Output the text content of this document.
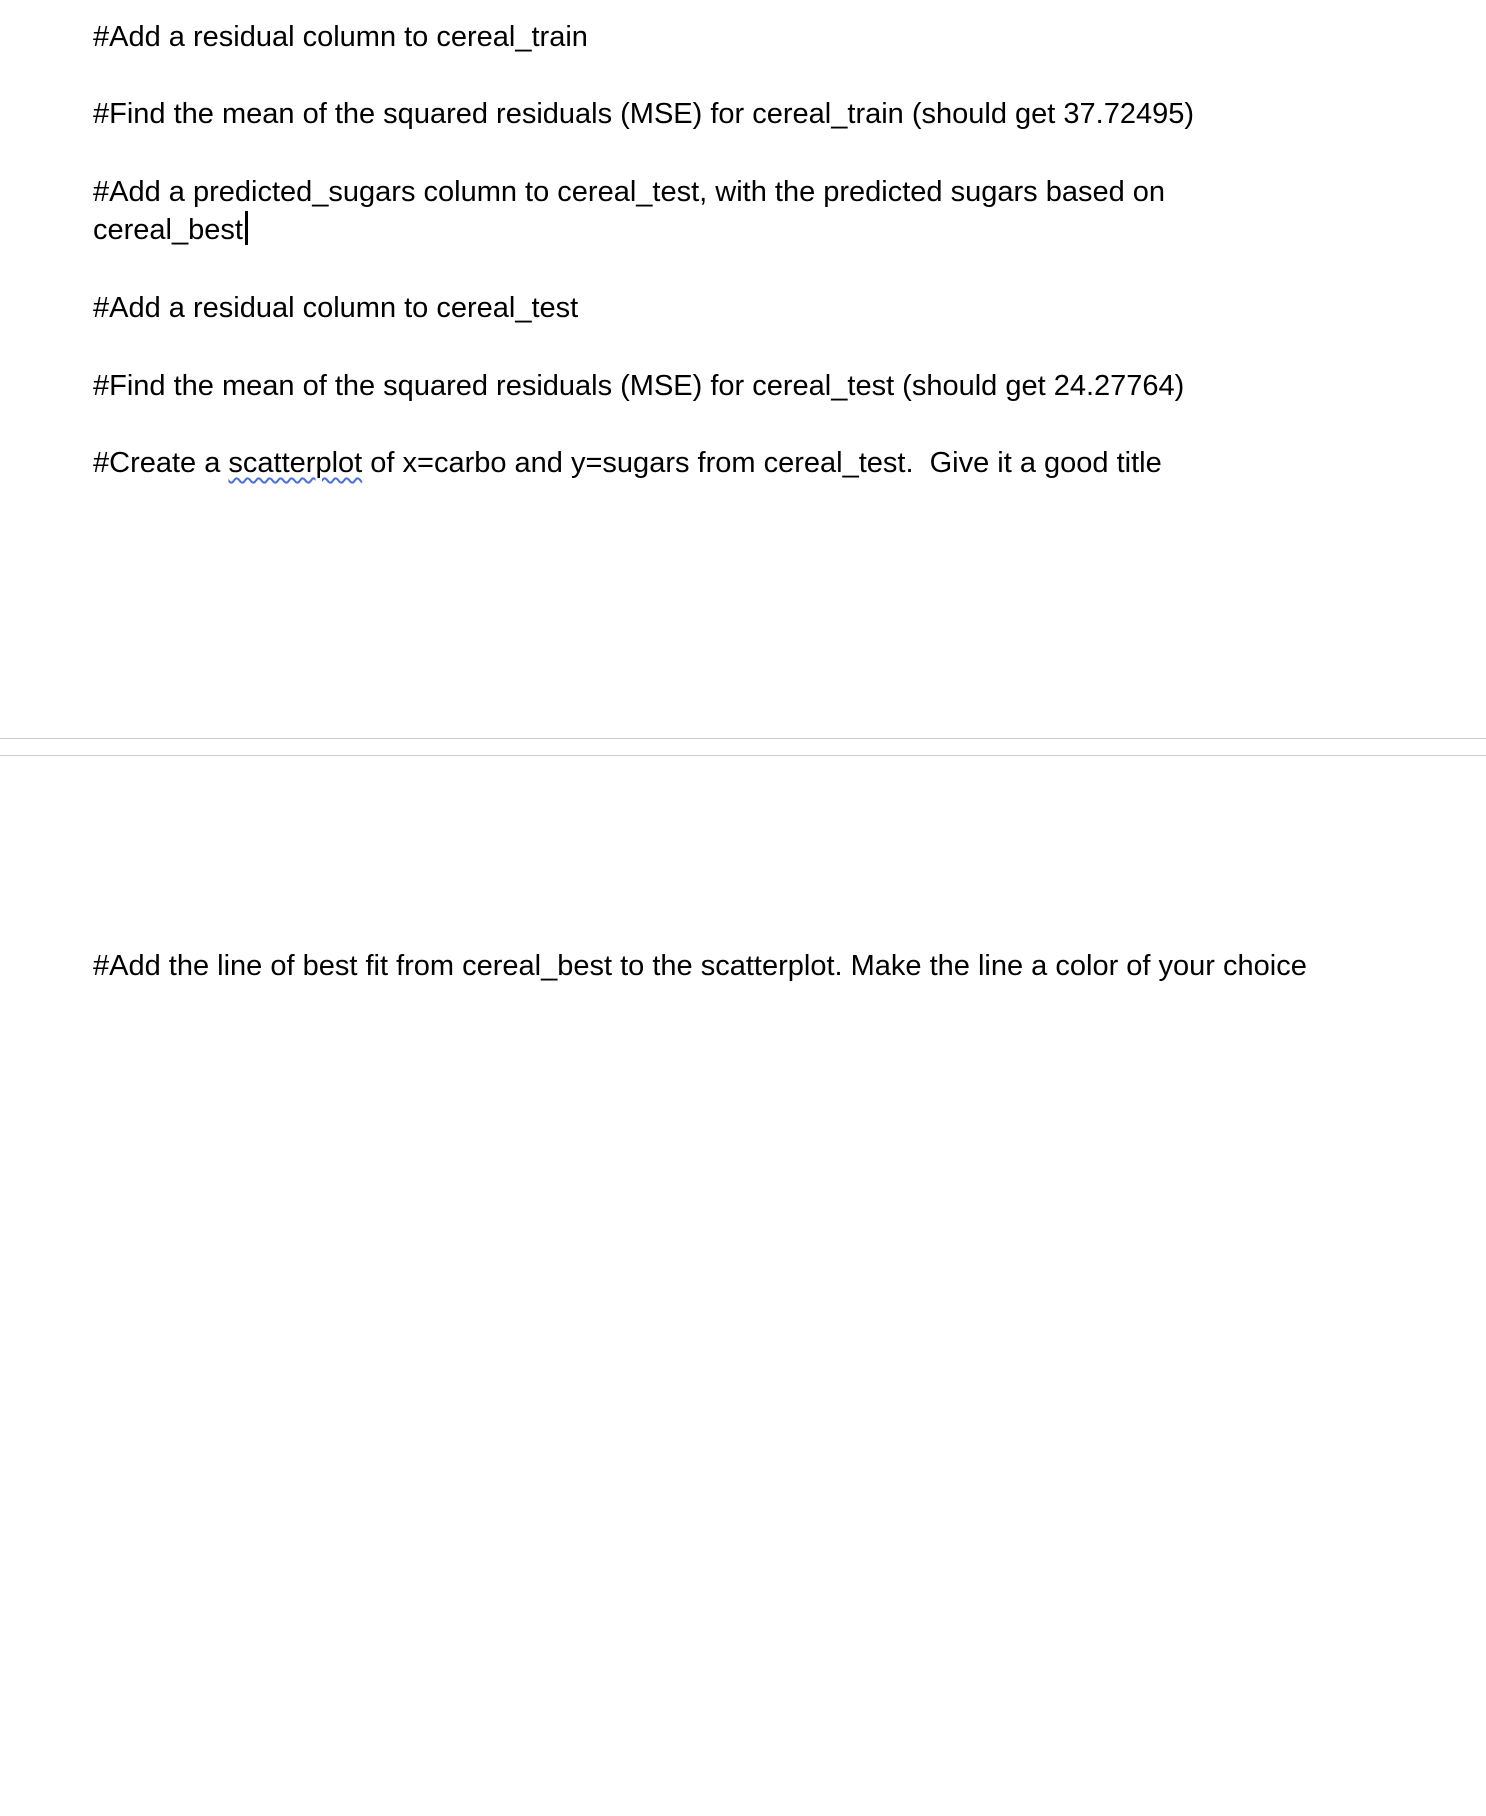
#Add a residual column to cereal_train

#Find the mean of the squared residuals (MSE) for cereal_train (should get 37.72495)

#Add a predicted_sugars column to cereal_test, with the predicted sugars based on cereal_best

#Add a residual column to cereal_test

#Find the mean of the squared residuals (MSE) for cereal_test (should get 24.27764)

#Create a scatterplot of x=carbo and y=sugars from cereal_test.  Give it a good title

#Add the line of best fit from cereal_best to the scatterplot. Make the line a color of your choice
